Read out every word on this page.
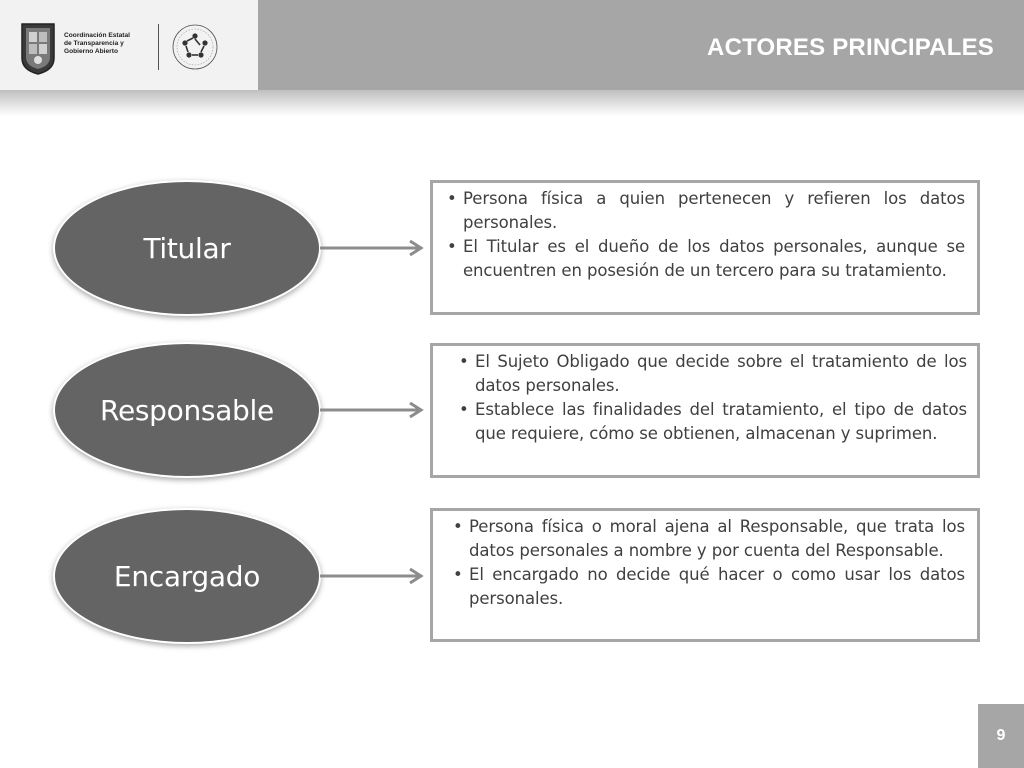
Coordinación Estatal
de Transparencia y
Gobierno Abierto	ACTORES PRINCIPALES
Titular
• Persona física a quien pertenecen y refieren los datos personales.
• El Titular es el dueño de los datos personales, aunque se encuentren en posesión de un tercero para su tratamiento.
Responsable
• El Sujeto Obligado que decide sobre el tratamiento de los datos personales.
• Establece las finalidades del tratamiento, el tipo de datos que requiere, cómo se obtienen, almacenan y suprimen.
Encargado
• Persona física o moral ajena al Responsable, que trata los datos personales a nombre y por cuenta del Responsable.
• El encargado no decide qué hacer o como usar los datos personales.
9
